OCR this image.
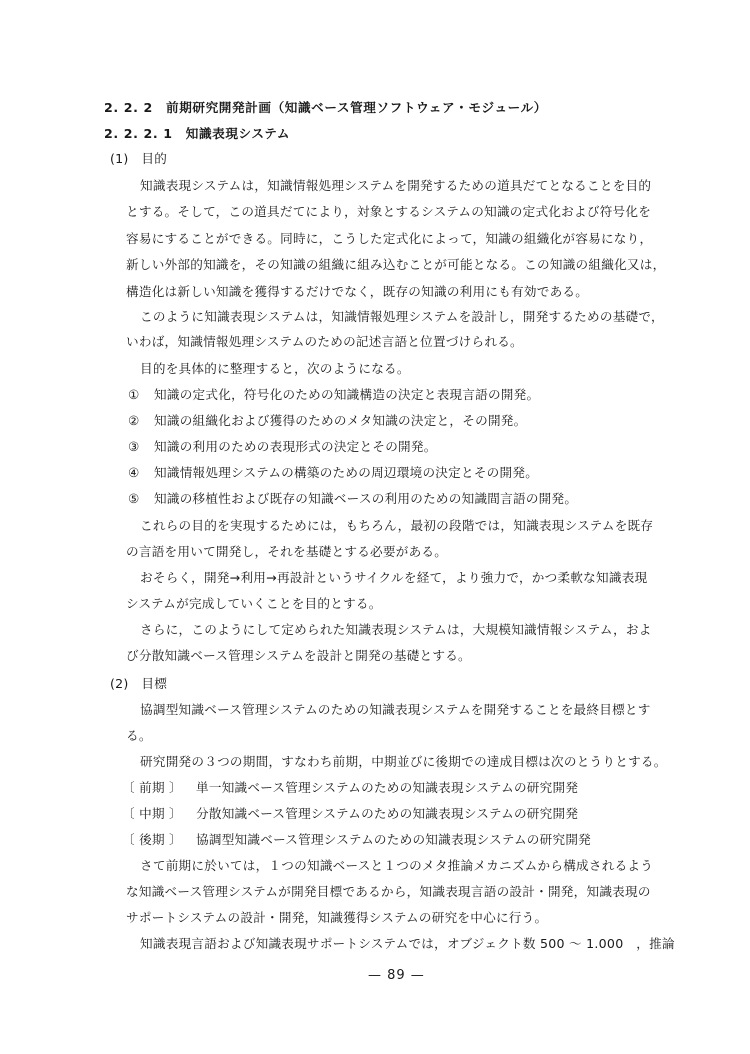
2. 2. 2　前期研究開発計画（知識ベース管理ソフトウェア・モジュール）
2. 2. 2. 1　知識表現システム
(1)　目的
知識表現システムは，知識情報処理システムを開発するための道具だてとなることを目的
とする。そして，この道具だてにより，対象とするシステムの知識の定式化および符号化を
容易にすることができる。同時に，こうした定式化によって，知識の組織化が容易になり，
新しい外部的知識を，その知識の組織に組み込むことが可能となる。この知識の組織化又は，
構造化は新しい知識を獲得するだけでなく，既存の知識の利用にも有効である。
このように知識表現システムは，知識情報処理システムを設計し，開発するための基礎で，
いわば，知識情報処理システムのための記述言語と位置づけられる。
目的を具体的に整理すると，次のようになる。
① 知識の定式化，符号化のための知識構造の決定と表現言語の開発。
② 知識の組織化および獲得のためのメタ知識の決定と，その開発。
③ 知識の利用のための表現形式の決定とその開発。
④ 知識情報処理システムの構築のための周辺環境の決定とその開発。
⑤ 知識の移植性および既存の知識ベースの利用のための知識間言語の開発。
これらの目的を実現するためには，もちろん，最初の段階では，知識表現システムを既存
の言語を用いて開発し，それを基礎とする必要がある。
おそらく，開発→利用→再設計というサイクルを経て，より強力で，かつ柔軟な知識表現
システムが完成していくことを目的とする。
さらに，このようにして定められた知識表現システムは，大規模知識情報システム，およ
び分散知識ベース管理システムを設計と開発の基礎とする。
(2)　目標
協調型知識ベース管理システムのための知識表現システムを開発することを最終目標とす
る。
研究開発の３つの期間，すなわち前期，中期並びに後期での達成目標は次のとうりとする。
〔 前期 〕 単一知識ベース管理システムのための知識表現システムの研究開発
〔 中期 〕 分散知識ベース管理システムのための知識表現システムの研究開発
〔 後期 〕 協調型知識ベース管理システムのための知識表現システムの研究開発
さて前期に於いては，１つの知識ベースと１つのメタ推論メカニズムから構成されるよう
な知識ベース管理システムが開発目標であるから，知識表現言語の設計・開発，知識表現の
サポートシステムの設計・開発，知識獲得システムの研究を中心に行う。
知識表現言語および知識表現サポートシステムでは，オブジェクト数 500 〜 1.000　，推論
— 89 —
